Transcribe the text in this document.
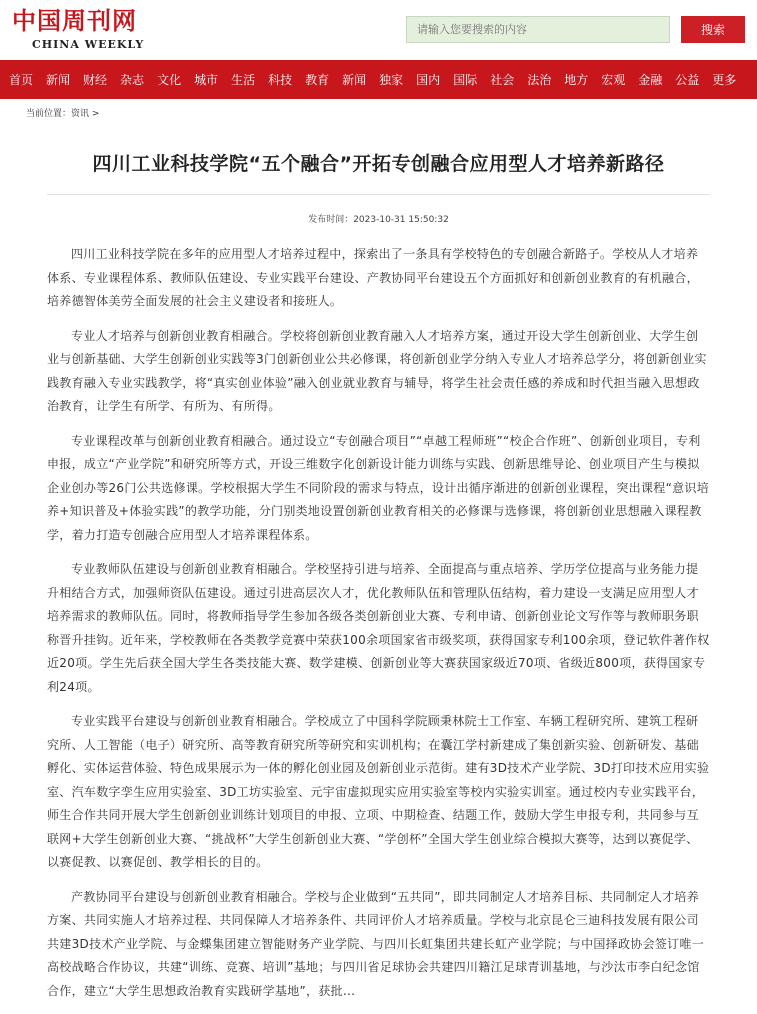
中国周刊网
CHINA WEEKLY
请输入您要搜索的内容
搜索
首页	新闻	财经	杂志	文化	城市	生活	科技	教育	新闻	独家	国内	国际	社会	法治	地方	宏观	金融	公益	更多
当前位置：资讯 >
四川工业科技学院“五个融合”开拓专创融合应用型人才培养新路径
发布时间：2023-10-31 15:50:32

四川工业科技学院在多年的应用型人才培养过程中，探索出了一条具有学校特色的专创融合新路子。学校从人才培养体系、专业课程体系、教师队伍建设、专业实践平台建设、产教协同平台建设五个方面抓好和创新创业教育的有机融合，培养德智体美劳全面发展的社会主义建设者和接班人。

专业人才培养与创新创业教育相融合。学校将创新创业教育融入人才培养方案，通过开设大学生创新创业、大学生创业与创新基础、大学生创新创业实践等3门创新创业公共必修课，将创新创业学分纳入专业人才培养总学分，将创新创业实践教育融入专业实践教学，将“真实创业体验”融入创业就业教育与辅导，将学生社会责任感的养成和时代担当融入思想政治教育，让学生有所学、有所为、有所得。

专业课程改革与创新创业教育相融合。通过设立“专创融合项目”“卓越工程师班”“校企合作班”、创新创业项目，专利申报，成立“产业学院”和研究所等方式，开设三维数字化创新设计能力训练与实践、创新思维导论、创业项目产生与模拟企业创办等26门公共选修课。学校根据大学生不同阶段的需求与特点，设计出循序渐进的创新创业课程，突出课程“意识培养+知识普及+体验实践”的教学功能，分门别类地设置创新创业教育相关的必修课与选修课，将创新创业思想融入课程教学，着力打造专创融合应用型人才培养课程体系。

专业教师队伍建设与创新创业教育相融合。学校坚持引进与培养、全面提高与重点培养、学历学位提高与业务能力提升相结合方式，加强师资队伍建设。通过引进高层次人才，优化教师队伍和管理队伍结构，着力建设一支满足应用型人才培养需求的教师队伍。同时，将教师指导学生参加各级各类创新创业大赛、专利申请、创新创业论文写作等与教师职务职称晋升挂钩。近年来，学校教师在各类教学竞赛中荣获100余项国家省市级奖项，获得国家专利100余项，登记软件著作权近20项。学生先后获全国大学生各类技能大赛、数学建模、创新创业等大赛获国家级近70项、省级近800项，获得国家专利24项。

专业实践平台建设与创新创业教育相融合。学校成立了中国科学院顾秉林院士工作室、车辆工程研究所、建筑工程研究所、人工智能（电子）研究所、高等教育研究所等研究和实训机构；在囊江学村新建成了集创新实验、创新研发、基础孵化、实体运营体验、特色成果展示为一体的孵化创业园及创新创业示范街。建有3D技术产业学院、3D打印技术应用实验室、汽车数字孪生应用实验室、3D工坊实验室、元宇宙虚拟现实应用实验室等校内实验实训室。通过校内专业实践平台，师生合作共同开展大学生创新创业训练计划项目的申报、立项、中期检查、结题工作，鼓励大学生申报专利，共同参与互联网+大学生创新创业大赛、“挑战杯”大学生创新创业大赛、“学创杯”全国大学生创业综合模拟大赛等，达到以赛促学、以赛促教、以赛促创、教学相长的目的。

产教协同平台建设与创新创业教育相融合。学校与企业做到“五共同”，即共同制定人才培养目标、共同制定人才培养方案、共同实施人才培养过程、共同保障人才培养条件、共同评价人才培养质量。学校与北京昆仑三迪科技发展有限公司共建3D技术产业学院、与金蝶集团建立智能财务产业学院、与四川长虹集团共建长虹产业学院；与中国择政协会签订唯一高校战略合作协议，共建“训练、竞赛、培训”基地；与四川省足球协会共建四川籍江足球青训基地，与沙汰市李白纪念馆合作，建立“大学生思想政治教育实践研学基地”，获批...
